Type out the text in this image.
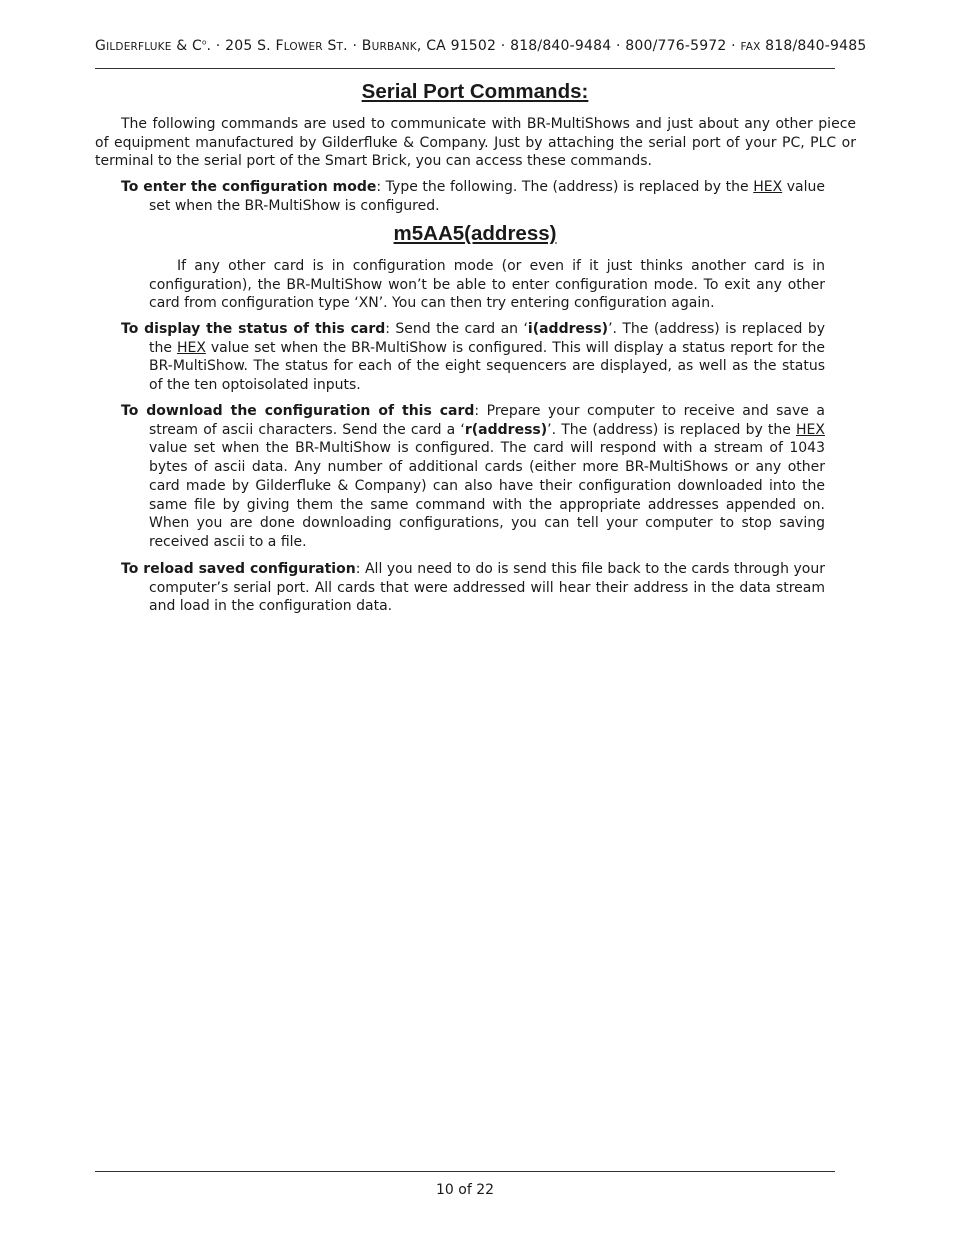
GILDERFLUKE & $C^o$. · 205 S. FLOWER ST. · BURBANK, CA 91502 · 818/840-9484 · 800/776-5972 · FAX 818/840-9485
Serial Port Commands:

The following commands are used to communicate with BR-MultiShows and just about any other piece of equipment manufactured by Gilderfluke & Company. Just by attaching the serial port of your PC, PLC or terminal to the serial port of the Smart Brick, you can access these commands.

To enter the configuration mode: Type the following. The (address) is replaced by the HEX value set when the BR-MultiShow is configured.

m5AA5(address)

If any other card is in configuration mode (or even if it just thinks another card is in configuration), the BR-MultiShow won’t be able to enter configuration mode. To exit any other card from configuration type ‘XN’. You can then try entering configuration again.

To display the status of this card: Send the card an ‘i(address)’. The (address) is replaced by the HEX value set when the BR-MultiShow is configured. This will display a status report for the BR-MultiShow. The status for each of the eight sequencers are displayed, as well as the status of the ten optoisolated inputs.

To download the configuration of this card: Prepare your computer to receive and save a stream of ascii characters. Send the card a ‘r(address)’. The (address) is replaced by the HEX value set when the BR-MultiShow is configured. The card will respond with a stream of 1043 bytes of ascii data. Any number of additional cards (either more BR-MultiShows or any other card made by Gilderfluke & Company) can also have their configuration downloaded into the same file by giving them the same command with the appropriate addresses appended on. When you are done downloading configurations, you can tell your computer to stop saving received ascii to a file.

To reload saved configuration: All you need to do is send this file back to the cards through your computer’s serial port. All cards that were addressed will hear their address in the data stream and load in the configuration data.

10 of 22
